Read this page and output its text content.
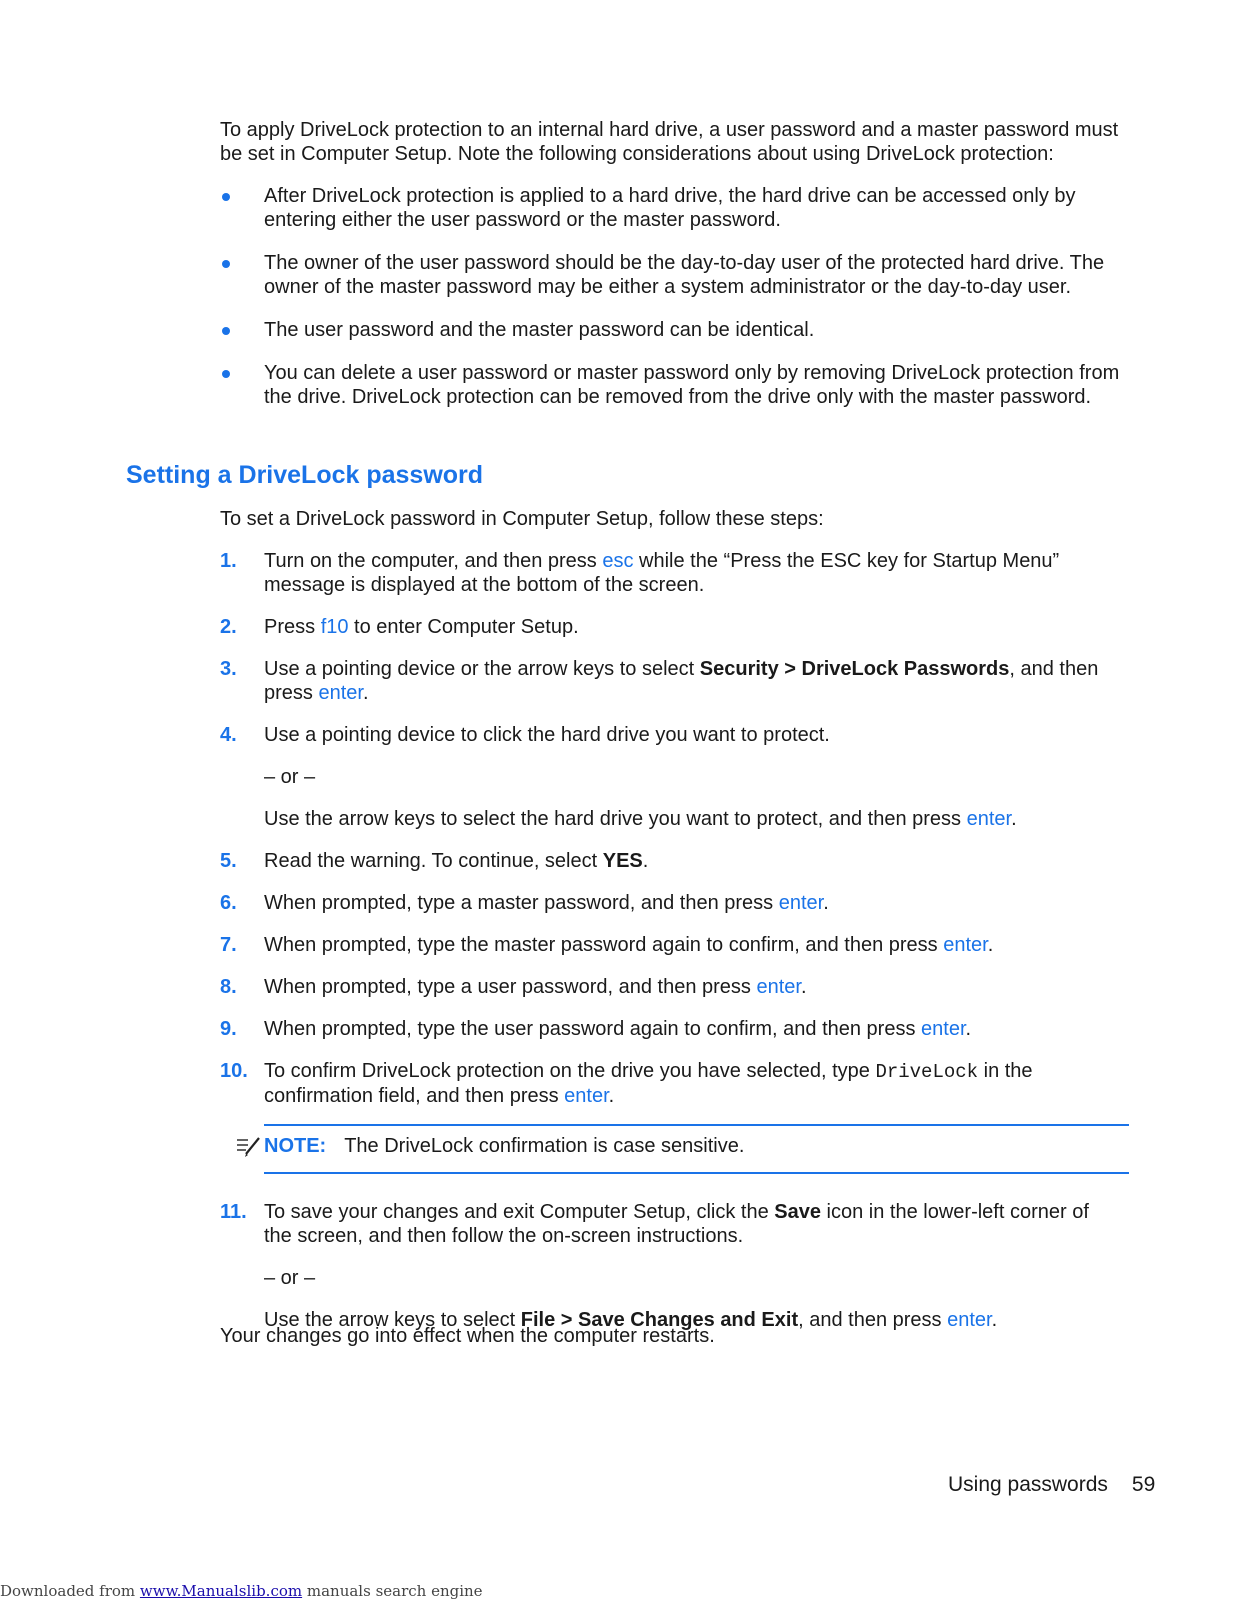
To apply DriveLock protection to an internal hard drive, a user password and a master password must be set in Computer Setup. Note the following considerations about using DriveLock protection:
After DriveLock protection is applied to a hard drive, the hard drive can be accessed only by entering either the user password or the master password.
The owner of the user password should be the day-to-day user of the protected hard drive. The owner of the master password may be either a system administrator or the day-to-day user.
The user password and the master password can be identical.
You can delete a user password or master password only by removing DriveLock protection from the drive. DriveLock protection can be removed from the drive only with the master password.
Setting a DriveLock password
To set a DriveLock password in Computer Setup, follow these steps:
1. Turn on the computer, and then press esc while the “Press the ESC key for Startup Menu” message is displayed at the bottom of the screen.
2. Press f10 to enter Computer Setup.
3. Use a pointing device or the arrow keys to select Security > DriveLock Passwords, and then press enter.
4. Use a pointing device to click the hard drive you want to protect.
– or –
Use the arrow keys to select the hard drive you want to protect, and then press enter.
5. Read the warning. To continue, select YES.
6. When prompted, type a master password, and then press enter.
7. When prompted, type the master password again to confirm, and then press enter.
8. When prompted, type a user password, and then press enter.
9. When prompted, type the user password again to confirm, and then press enter.
10. To confirm DriveLock protection on the drive you have selected, type DriveLock in the confirmation field, and then press enter.
NOTE: The DriveLock confirmation is case sensitive.
11. To save your changes and exit Computer Setup, click the Save icon in the lower-left corner of the screen, and then follow the on-screen instructions.
– or –
Use the arrow keys to select File > Save Changes and Exit, and then press enter.
Your changes go into effect when the computer restarts.
Using passwords 59
Downloaded from www.Manualslib.com manuals search engine
